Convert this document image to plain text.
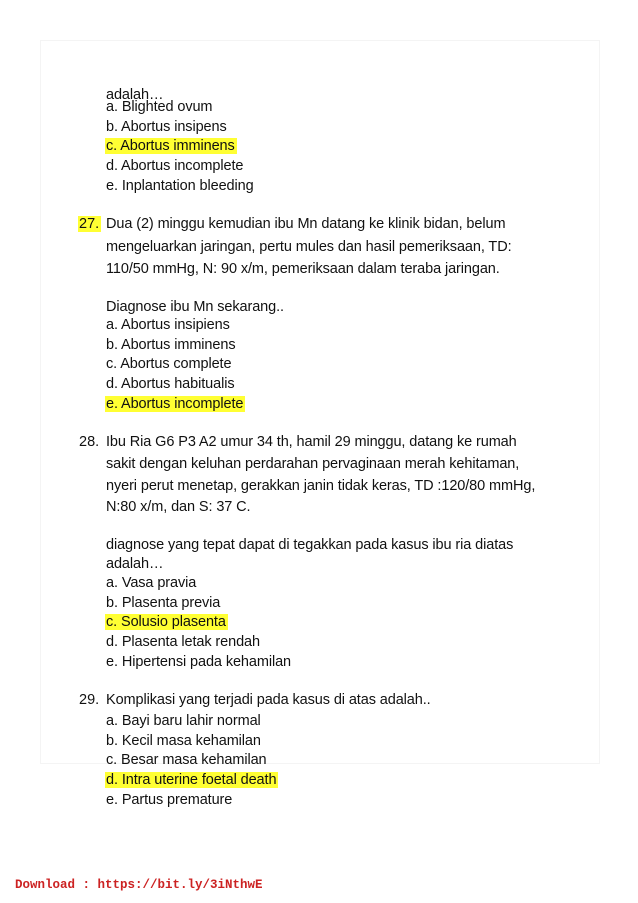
adalah…
a. Blighted ovum
b. Abortus insipens
c. Abortus imminens
d. Abortus incomplete
e. Inplantation bleeding
27. Dua (2) minggu kemudian ibu Mn datang ke klinik bidan, belum
mengeluarkan jaringan, pertu mules dan hasil pemeriksaan, TD:
110/50 mmHg, N: 90 x/m, pemeriksaan dalam teraba jaringan.
Diagnose ibu Mn sekarang..
a. Abortus insipiens
b. Abortus imminens
c. Abortus complete
d. Abortus habitualis
e. Abortus incomplete
28. Ibu Ria G6 P3 A2 umur 34 th, hamil 29 minggu, datang ke rumah
sakit dengan keluhan perdarahan pervaginaan merah kehitaman,
nyeri perut menetap, gerakkan janin tidak keras, TD :120/80 mmHg,
N:80 x/m, dan S: 37 C.
diagnose yang tepat dapat di tegakkan pada kasus ibu ria diatas
adalah…
a. Vasa pravia
b. Plasenta previa
c. Solusio plasenta
d. Plasenta letak rendah
e. Hipertensi pada kehamilan
29. Komplikasi yang terjadi pada kasus di atas adalah..
a. Bayi baru lahir normal
b. Kecil masa kehamilan
c. Besar masa kehamilan
d. Intra uterine foetal death
e. Partus premature
Download : https://bit.ly/3iNthwE
